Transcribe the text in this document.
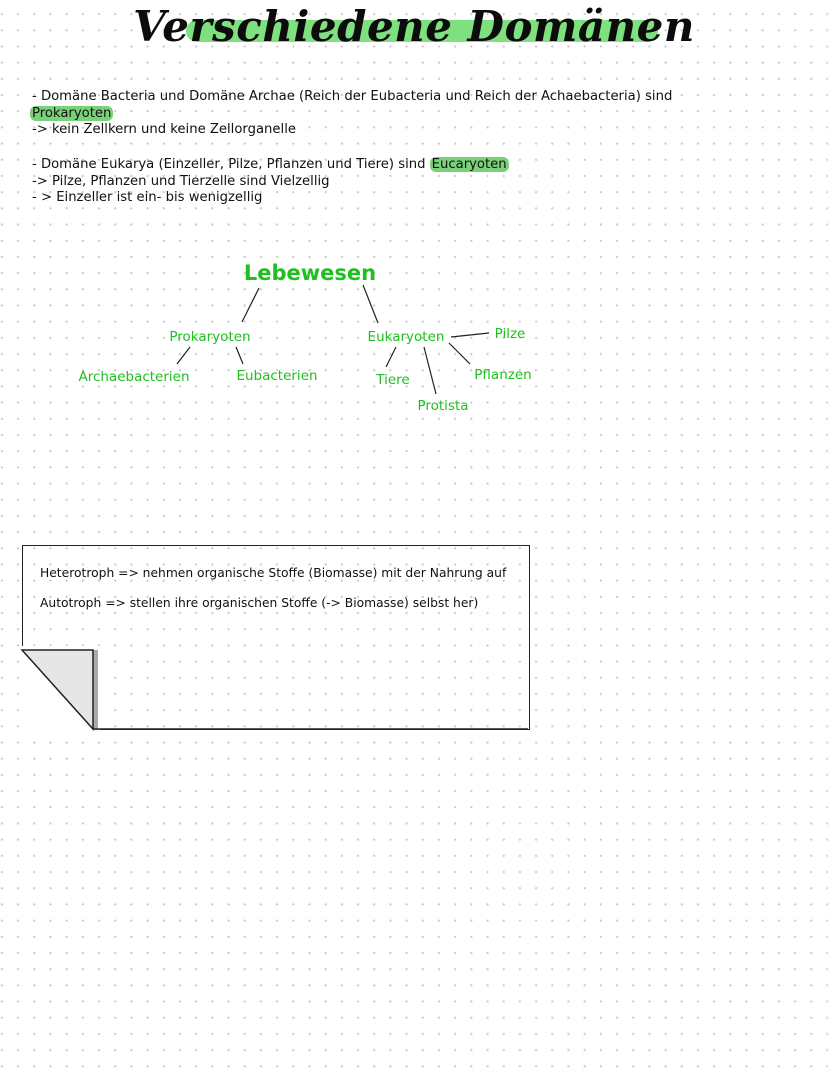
Verschiedene Domänen
- Domäne Bacteria und Domäne Archae (Reich der Eubacteria und Reich der Achaebacteria) sind
Prokaryoten
-> kein Zellkern und keine Zellorganelle
- Domäne Eukarya (Einzeller, Pilze, Pflanzen und Tiere) sind Eucaryoten
-> Pilze, Pflanzen und Tierzelle sind Vielzellig
- > Einzeller ist ein- bis wenigzellig
Lebewesen
Prokaryoten	Eukaryoten
Archaebacterien	Eubacterien	Tiere
Protista
Pflanzen
Pilze
Heterotroph => nehmen organische Stoffe (Biomasse) mit der Nahrung auf
Autotroph => stellen ihre organischen Stoffe (-> Biomasse) selbst her)
